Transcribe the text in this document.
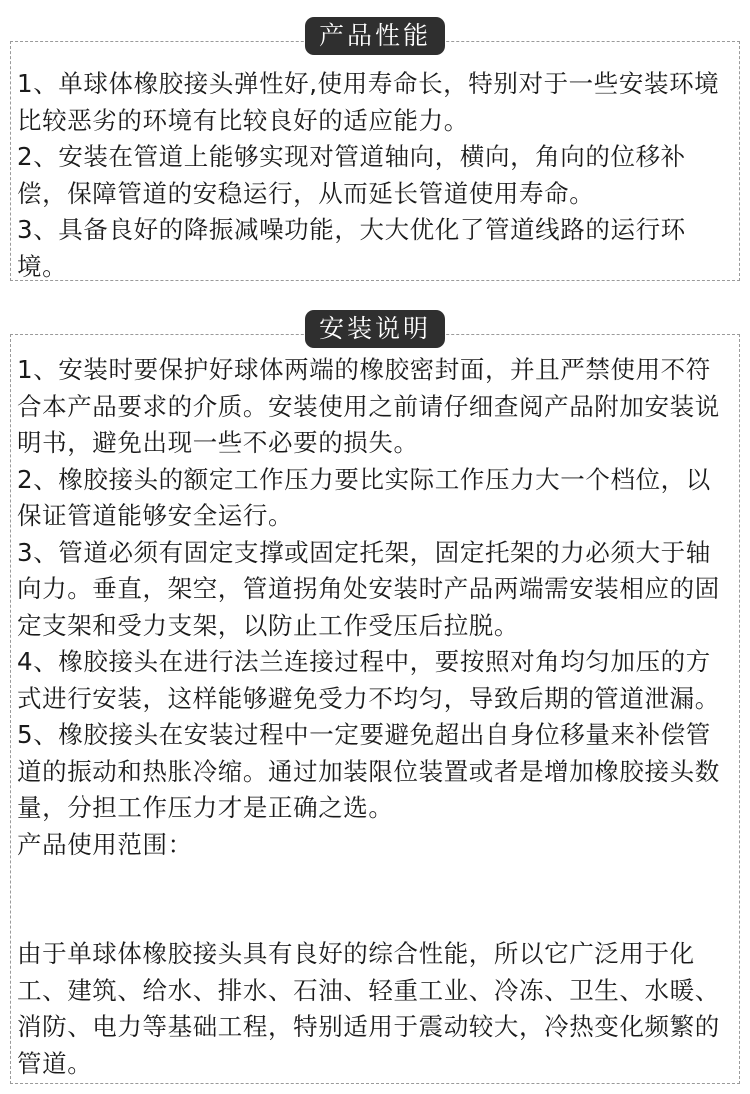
产品性能

1、单球体橡胶接头弹性好,使用寿命长，特别对于一些安装环境比较恶劣的环境有比较良好的适应能力。

2、安装在管道上能够实现对管道轴向，横向，角向的位移补偿，保障管道的安稳运行，从而延长管道使用寿命。

3、具备良好的降振减噪功能，大大优化了管道线路的运行环境。

安装说明

1、安装时要保护好球体两端的橡胶密封面，并且严禁使用不符合本产品要求的介质。安装使用之前请仔细查阅产品附加安装说明书，避免出现一些不必要的损失。

2、橡胶接头的额定工作压力要比实际工作压力大一个档位，以保证管道能够安全运行。

3、管道必须有固定支撑或固定托架，固定托架的力必须大于轴向力。垂直，架空，管道拐角处安装时产品两端需安装相应的固定支架和受力支架，以防止工作受压后拉脱。

4、橡胶接头在进行法兰连接过程中，要按照对角均匀加压的方式进行安装，这样能够避免受力不均匀，导致后期的管道泄漏。

5、橡胶接头在安装过程中一定要避免超出自身位移量来补偿管道的振动和热胀冷缩。通过加装限位装置或者是增加橡胶接头数量，分担工作压力才是正确之选。

产品使用范围：

由于单球体橡胶接头具有良好的综合性能，所以它广泛用于化工、建筑、给水、排水、石油、轻重工业、冷冻、卫生、水暖、消防、电力等基础工程，特别适用于震动较大，冷热变化频繁的管道。
